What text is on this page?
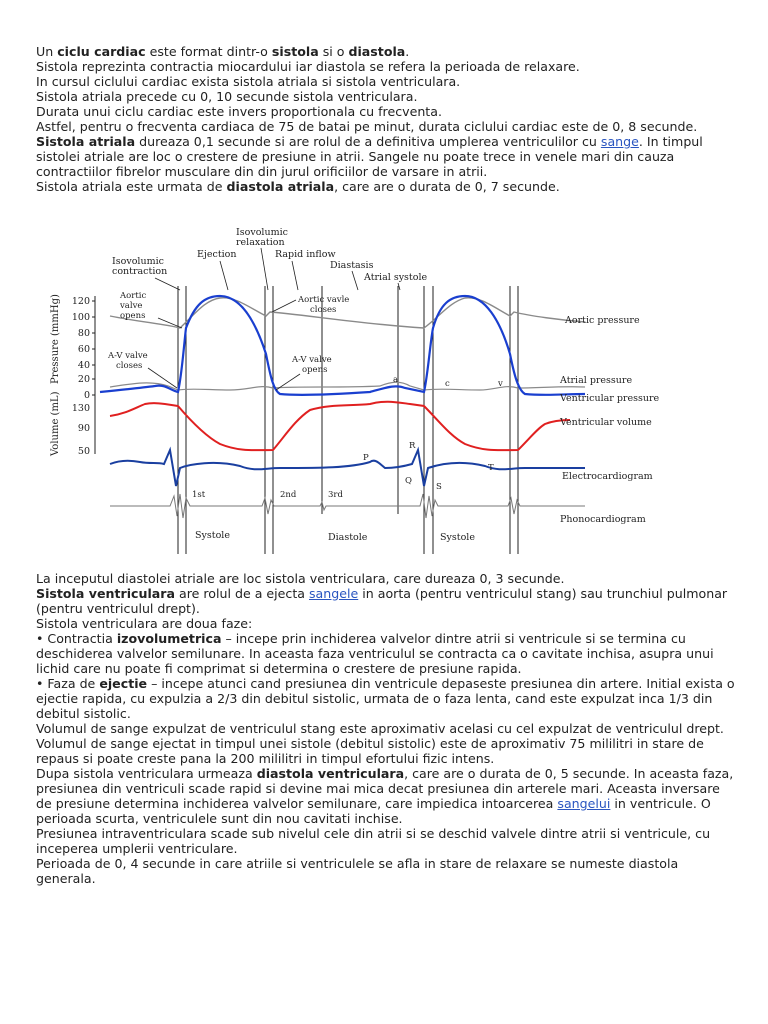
Un ciclu cardiac este format dintr-o sistola si o diastola.

Sistola reprezinta contractia miocardului iar diastola se refera la perioada de relaxare.

In cursul ciclului cardiac exista sistola atriala si sistola ventriculara.

Sistola atriala precede cu 0, 10 secunde sistola ventriculara.

Durata unui ciclu cardiac este invers proportionala cu frecventa.

Astfel, pentru o frecventa cardiaca de 75 de batai pe minut, durata ciclului cardiac este de 0, 8 secunde.

Sistola atriala dureaza 0,1 secunde si are rolul de a definitiva umplerea ventriculilor cu sange. In timpul sistolei atriale are loc o crestere de presiune in atrii. Sangele nu poate trece in venele mari din cauza contractiilor fibrelor musculare din din jurul orificiilor de varsare in atrii.

Sistola atriala este urmata de diastola atriala, care are o durata de 0, 7 secunde.

Isovolumic
contraction
Ejection
Isovolumic
relaxation
Rapid inflow
Diastasis
Atrial systole
Pressure (mmHg)
Volume (mL)
120
100
80
60
40
20
0
130
90
50
Aortic
valve
opens
Aortic vavle
closes
A-V valve
closes
A-V valve
opens
a	c	v
P
R
Q
S
T
1st	2nd	3rd
Aortic pressure
Atrial pressure
Ventricular pressure
Ventricular volume
Electrocardiogram
Phonocardiogram
Systole	Diastole	Systole

La inceputul diastolei atriale are loc sistola ventriculara, care dureaza 0, 3 secunde.

Sistola ventriculara are rolul de a ejecta sangele in aorta (pentru ventriculul stang) sau trunchiul pulmonar (pentru ventriculul drept).

Sistola ventriculara are doua faze:

• Contractia izovolumetrica – incepe prin inchiderea valvelor dintre atrii si ventricule si se termina cu deschiderea valvelor semilunare. In aceasta faza ventriculul se contracta ca o cavitate inchisa, asupra unui lichid care nu poate fi comprimat si determina o crestere de presiune rapida.

• Faza de ejectie – incepe atunci cand presiunea din ventricule depaseste presiunea din artere. Initial exista o ejectie rapida, cu expulzia a 2/3 din debitul sistolic, urmata de o faza lenta, cand este expulzat inca 1/3 din debitul sistolic.

Volumul de sange expulzat de ventriculul stang este aproximativ acelasi cu cel expulzat de ventriculul drept.

Volumul de sange ejectat in timpul unei sistole (debitul sistolic) este de aproximativ 75 mililitri in stare de repaus si poate creste pana la 200 mililitri in timpul efortului fizic intens.

Dupa sistola ventriculara urmeaza diastola ventriculara, care are o durata de 0, 5 secunde. In aceasta faza, presiunea din ventriculi scade rapid si devine mai mica decat presiunea din arterele mari. Aceasta inversare de presiune determina inchiderea valvelor semilunare, care impiedica intoarcerea sangelui in ventricule. O perioada scurta, ventriculele sunt din nou cavitati inchise.

Presiunea intraventriculara scade sub nivelul cele din atrii si se deschid valvele dintre atrii si ventricule, cu inceperea umplerii ventriculare.

Perioada de 0, 4 secunde in care atriile si ventriculele se afla in stare de relaxare se numeste diastola generala.
